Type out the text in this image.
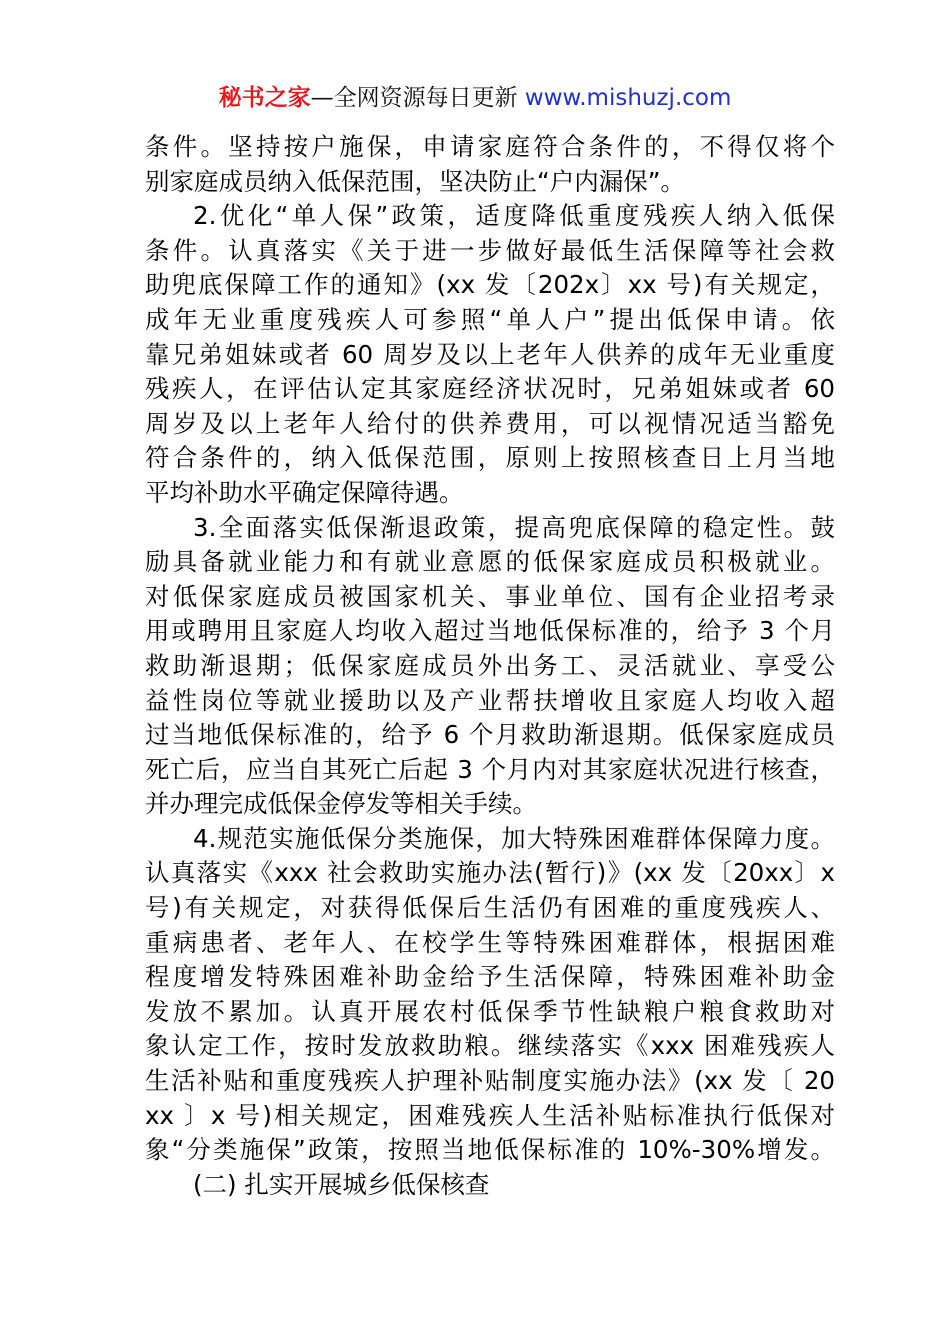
秘书之家—全网资源每日更新 www.mishuzj.com
条件。坚持按户施保，申请家庭符合条件的，不得仅将个
别家庭成员纳入低保范围，坚决防止“户内漏保”。
2.优化“单人保”政策，适度降低重度残疾人纳入低保
条件。认真落实《关于进一步做好最低生活保障等社会救
助兜底保障工作的通知》(xx 发〔202x〕xx 号)有关规定，
成年无业重度残疾人可参照“单人户”提出低保申请。依
靠兄弟姐妹或者 60 周岁及以上老年人供养的成年无业重度
残疾人，在评估认定其家庭经济状况时，兄弟姐妹或者 60
周岁及以上老年人给付的供养费用，可以视情况适当豁免
符合条件的，纳入低保范围，原则上按照核查日上月当地
平均补助水平确定保障待遇。
3.全面落实低保渐退政策，提高兜底保障的稳定性。鼓
励具备就业能力和有就业意愿的低保家庭成员积极就业。
对低保家庭成员被国家机关、事业单位、国有企业招考录
用或聘用且家庭人均收入超过当地低保标准的，给予 3 个月
救助渐退期；低保家庭成员外出务工、灵活就业、享受公
益性岗位等就业援助以及产业帮扶增收且家庭人均收入超
过当地低保标准的，给予 6 个月救助渐退期。低保家庭成员
死亡后，应当自其死亡后起 3 个月内对其家庭状况进行核查，
并办理完成低保金停发等相关手续。
4.规范实施低保分类施保，加大特殊困难群体保障力度。
认真落实《xxx 社会救助实施办法(暂行)》(xx 发〔20xx〕x
号)有关规定，对获得低保后生活仍有困难的重度残疾人、
重病患者、老年人、在校学生等特殊困难群体，根据困难
程度增发特殊困难补助金给予生活保障，特殊困难补助金
发放不累加。认真开展农村低保季节性缺粮户粮食救助对
象认定工作，按时发放救助粮。继续落实《xxx 困难残疾人
生活补贴和重度残疾人护理补贴制度实施办法》(xx 发〔 20
xx 〕x 号)相关规定，困难残疾人生活补贴标准执行低保对
象“分类施保”政策，按照当地低保标准的 10%-30%增发。
(二) 扎实开展城乡低保核查
